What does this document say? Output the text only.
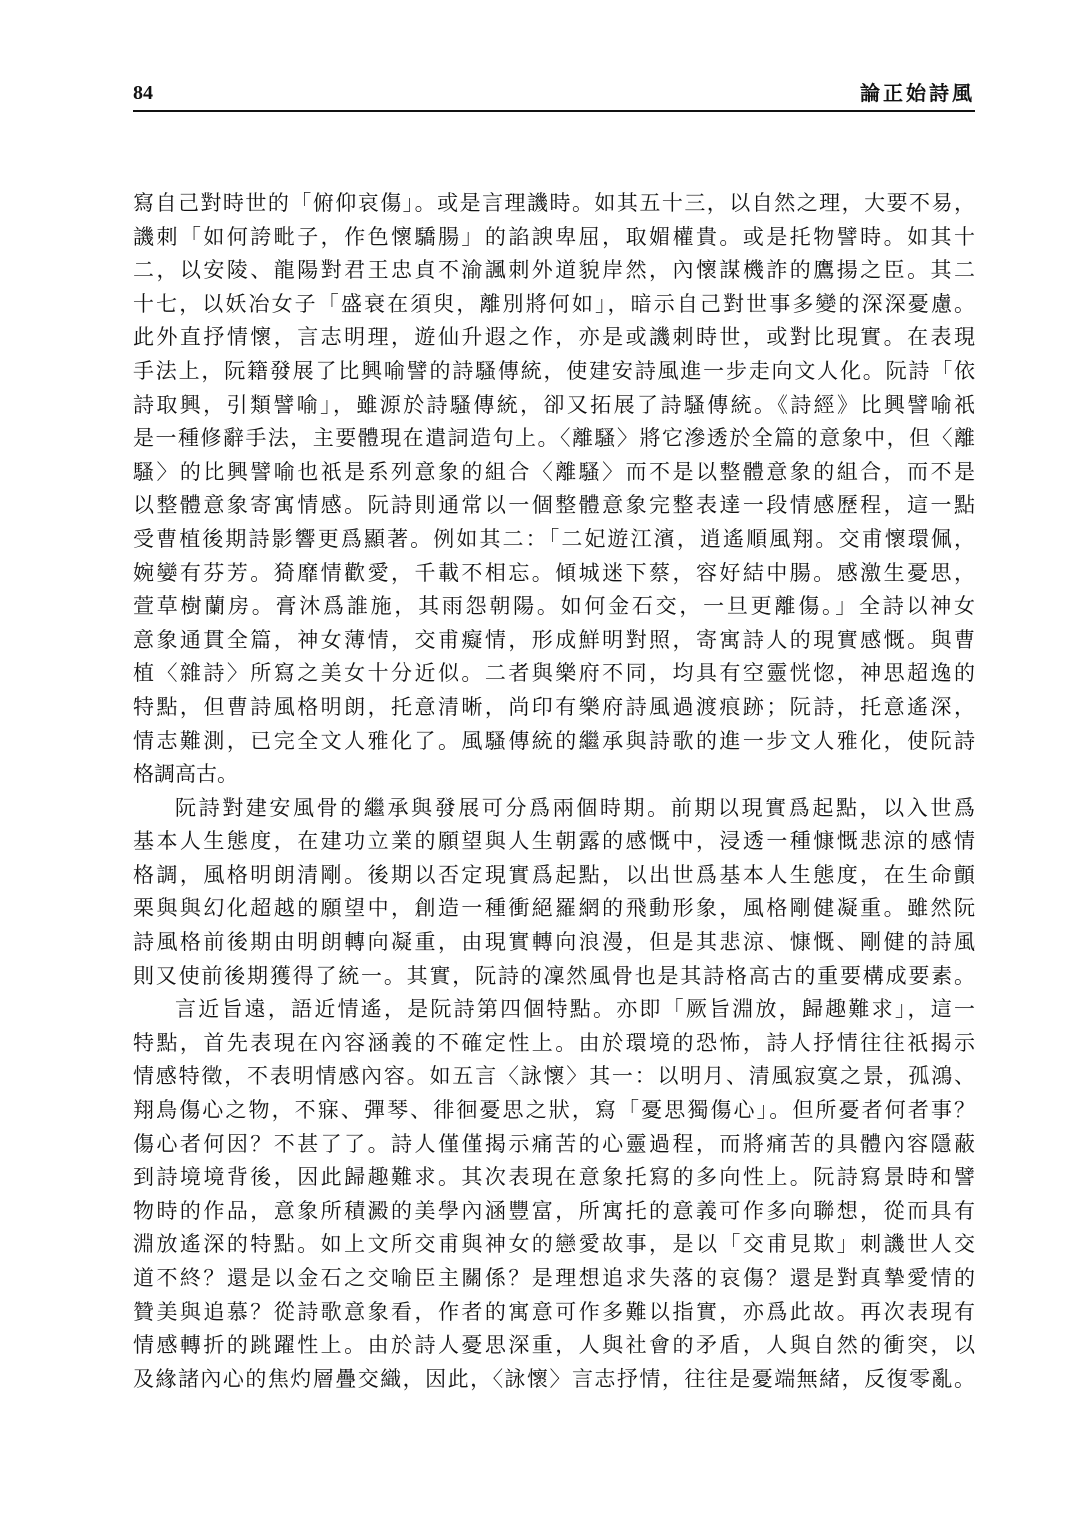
84	論正始詩風
寫自己對時世的「俯仰哀傷」。或是言理譏時。如其五十三，以自然之理，大要不易，
譏刺「如何誇毗子，作色懷驕腸」的諂諛卑屈，取媚權貴。或是托物譬時。如其十
二，以安陵、龍陽對君王忠貞不渝諷刺外道貌岸然，內懷謀機詐的鷹揚之臣。其二
十七，以妖冶女子「盛衰在須臾，離別將何如」，暗示自己對世事多變的深深憂慮。
此外直抒情懷，言志明理，遊仙升遐之作，亦是或譏刺時世，或對比現實。在表現
手法上，阮籍發展了比興喻譬的詩騷傳統，使建安詩風進一步走向文人化。阮詩「依
詩取興，引類譬喻」，雖源於詩騷傳統，卻又拓展了詩騷傳統。《詩經》比興譬喻祇
是一種修辭手法，主要體現在遣詞造句上。〈離騷〉將它滲透於全篇的意象中，但〈離
騷〉的比興譬喻也祇是系列意象的組合〈離騷〉而不是以整體意象的組合，而不是
以整體意象寄寓情感。阮詩則通常以一個整體意象完整表達一段情感歷程，這一點
受曹植後期詩影響更爲顯著。例如其二：「二妃遊江濱，逍遙順風翔。交甫懷環佩，
婉孌有芬芳。猗靡情歡愛，千載不相忘。傾城迷下蔡，容好結中腸。感激生憂思，
萱草樹蘭房。膏沐爲誰施，其雨怨朝陽。如何金石交，一旦更離傷。」全詩以神女
意象通貫全篇，神女薄情，交甫癡情，形成鮮明對照，寄寓詩人的現實感慨。與曹
植〈雜詩〉所寫之美女十分近似。二者與樂府不同，均具有空靈恍惚，神思超逸的
特點，但曹詩風格明朗，托意清晰，尚印有樂府詩風過渡痕跡；阮詩，托意遙深，
情志難測，已完全文人雅化了。風騷傳統的繼承與詩歌的進一步文人雅化，使阮詩
格調高古。
阮詩對建安風骨的繼承與發展可分爲兩個時期。前期以現實爲起點，以入世爲
基本人生態度，在建功立業的願望與人生朝露的感慨中，浸透一種慷慨悲涼的感情
格調，風格明朗清剛。後期以否定現實爲起點，以出世爲基本人生態度，在生命顫
栗與與幻化超越的願望中，創造一種衝絕羅網的飛動形象，風格剛健凝重。雖然阮
詩風格前後期由明朗轉向凝重，由現實轉向浪漫，但是其悲涼、慷慨、剛健的詩風
則又使前後期獲得了統一。其實，阮詩的凜然風骨也是其詩格高古的重要構成要素。
言近旨遠，語近情遙，是阮詩第四個特點。亦即「厥旨淵放，歸趣難求」，這一
特點，首先表現在內容涵義的不確定性上。由於環境的恐怖，詩人抒情往往祇揭示
情感特徵，不表明情感內容。如五言〈詠懷〉其一：以明月、清風寂寞之景，孤鴻、
翔鳥傷心之物，不寐、彈琴、徘徊憂思之狀，寫「憂思獨傷心」。但所憂者何者事？
傷心者何因？不甚了了。詩人僅僅揭示痛苦的心靈過程，而將痛苦的具體內容隱蔽
到詩境境背後，因此歸趣難求。其次表現在意象托寫的多向性上。阮詩寫景時和譬
物時的作品，意象所積澱的美學內涵豐富，所寓托的意義可作多向聯想，從而具有
淵放遙深的特點。如上文所交甫與神女的戀愛故事，是以「交甫見欺」刺譏世人交
道不終？還是以金石之交喻臣主關係？是理想追求失落的哀傷？還是對真摯愛情的
贊美與追慕？從詩歌意象看，作者的寓意可作多難以指實，亦爲此故。再次表現有
情感轉折的跳躍性上。由於詩人憂思深重，人與社會的矛盾，人與自然的衝突，以
及緣諸內心的焦灼層疊交織，因此，〈詠懷〉言志抒情，往往是憂端無緒，反復零亂。
